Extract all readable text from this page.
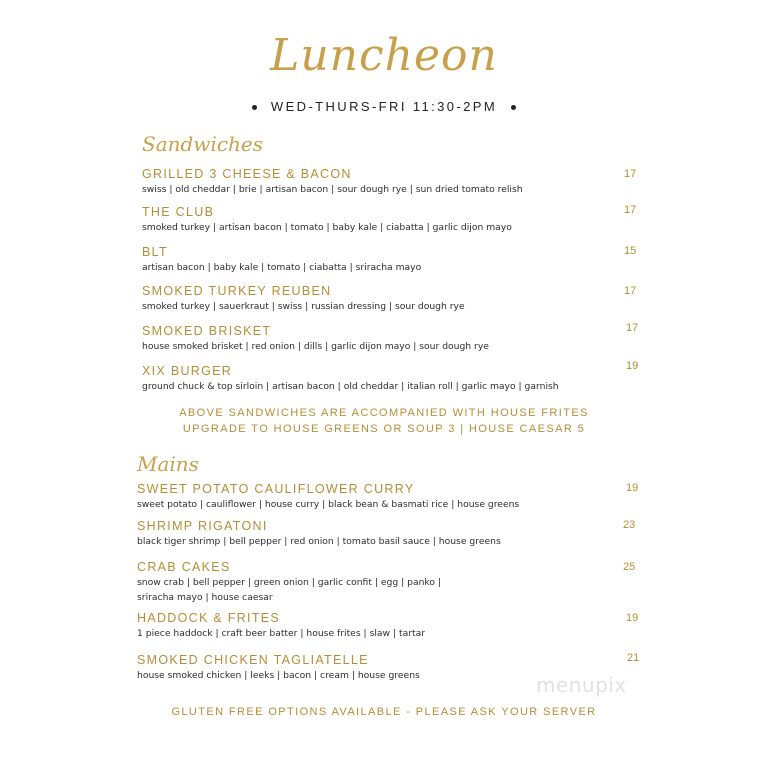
Luncheon
WED-THURS-FRI 11:30-2PM
Sandwiches
GRILLED 3 CHEESE & BACON
swiss | old cheddar | brie | artisan bacon | sour dough rye | sun dried tomato relish
17
THE CLUB
smoked turkey | artisan bacon | tomato | baby kale | ciabatta | garlic dijon mayo
17
BLT
artisan bacon | baby kale | tomato | ciabatta | sriracha mayo
15
SMOKED TURKEY REUBEN
smoked turkey | sauerkraut | swiss | russian dressing | sour dough rye
17
SMOKED BRISKET
house smoked brisket | red onion | dills | garlic dijon mayo | sour dough rye
17
XIX BURGER
ground chuck & top sirloin | artisan bacon | old cheddar | italian roll | garlic mayo | garnish
19
ABOVE SANDWICHES ARE ACCOMPANIED WITH HOUSE FRITES
UPGRADE TO HOUSE GREENS OR SOUP 3 | HOUSE CAESAR 5
Mains
SWEET POTATO CAULIFLOWER CURRY
sweet potato | cauliflower | house curry | black bean & basmati rice | house greens
19
SHRIMP RIGATONI
black tiger shrimp | bell pepper | red onion | tomato basil sauce | house greens
23
CRAB CAKES
snow crab | bell pepper | green onion | garlic confit | egg | panko |
sriracha mayo | house caesar
25
HADDOCK & FRITES
1 piece haddock | craft beer batter | house frites | slaw | tartar
19
SMOKED CHICKEN TAGLIATELLE
house smoked chicken | leeks | bacon | cream | house greens
21
menupix
GLUTEN FREE OPTIONS AVAILABLE - PLEASE ASK YOUR SERVER
